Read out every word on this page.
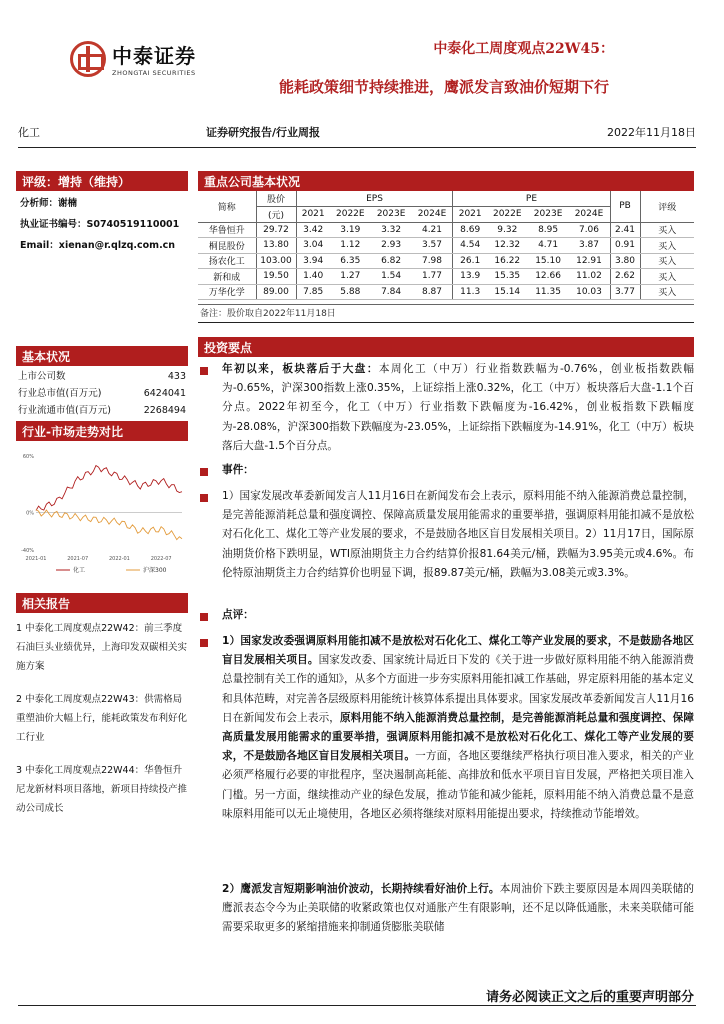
中泰证券
ZHONGTAI SECURITIES
中泰化工周度观点22W45：
能耗政策细节持续推进，鹰派发言致油价短期下行
化工	证券研究报告/行业周报	2022年11月18日
评级：增持（维持）
分析师：谢楠
执业证书编号：S0740519110001
Email：xienan@r.qlzq.com.cn
重点公司基本状况
简称	股价	EPS				PE				PB	评级
	(元)	2021	2022E	2023E	2024E	2021	2022E	2023E	2024E		
华鲁恒升	29.72	3.42	3.19	3.32	4.21	8.69	9.32	8.95	7.06	2.41	买入
桐昆股份	13.80	3.04	1.12	2.93	3.57	4.54	12.32	4.71	3.87	0.91	买入
扬农化工	103.00	3.94	6.35	6.82	7.98	26.1	16.22	15.10	12.91	3.80	买入
新和成	19.50	1.40	1.27	1.54	1.77	13.9	15.35	12.66	11.02	2.62	买入
万华化学	89.00	7.85	5.88	7.84	8.87	11.3	15.14	11.35	10.03	3.77	买入
备注：股价取自2022年11月18日
基本状况
上市公司数	433
行业总市值(百万元)	6424041
行业流通市值(百万元)	2268494
行业-市场走势对比
2021-01	2021-07	2022-01	2022-07
-40%
0%
60%
化工	沪深300
相关报告
1 中泰化工周度观点22W42：前三季度石油巨头业绩优异，上海印发双碳相关实施方案
2 中泰化工周度观点22W43：供需格局重塑油价大幅上行，能耗政策发布利好化工行业
3 中泰化工周度观点22W44：华鲁恒升尼龙新材料项目落地，新项目持续投产推动公司成长
投资要点
年初以来，板块落后于大盘：本周化工（中万）行业指数跌幅为-0.76%，创业板指数跌幅为-0.65%，沪深300指数上涨0.35%，上证综指上涨0.32%，化工（中万）板块落后大盘-1.1个百分点。2022年初至今，化工（中万）行业指数下跌幅度为-16.42%，创业板指数下跌幅度为-28.08%，沪深300指数下跌幅度为-23.05%，上证综指下跌幅度为-14.91%，化工（中万）板块落后大盘-1.5个百分点。
事件：
1）国家发展改革委新闻发言人11月16日在新闻发布会上表示，原料用能不纳入能源消费总量控制，是完善能源消耗总量和强度调控、保障高质量发展用能需求的重要举措，强调原料用能扣减不是放松对石化化工、煤化工等产业发展的要求，不是鼓励各地区盲目发展相关项目。2）11月17日，国际原油期货价格下跌明显，WTI原油期货主力合约结算价报81.64美元/桶，跌幅为3.95美元或4.6%。布伦特原油期货主力合约结算价也明显下调，报89.87美元/桶，跌幅为3.08美元或3.3%。
点评：
1）国家发改委强调原料用能扣减不是放松对石化化工、煤化工等产业发展的要求，不是鼓励各地区盲目发展相关项目。国家发改委、国家统计局近日下发的《关于进一步做好原料用能不纳入能源消费总量控制有关工作的通知》，从多个方面进一步夯实原料用能扣减工作基础，界定原料用能的基本定义和具体范畴，对完善各层级原料用能统计核算体系提出具体要求。国家发展改革委新闻发言人11月16日在新闻发布会上表示，原料用能不纳入能源消费总量控制，是完善能源消耗总量和强度调控、保障高质量发展用能需求的重要举措，强调原料用能扣减不是放松对石化化工、煤化工等产业发展的要求，不是鼓励各地区盲目发展相关项目。一方面，各地区要继续严格执行项目准入要求，相关的产业必须严格履行必要的审批程序，坚决遏制高耗能、高排放和低水平项目盲目发展，严格把关项目准入门槛。另一方面，继续推动产业的绿色发展，推动节能和减少能耗，原料用能不纳入消费总量不是意味原料用能可以无止境使用，各地区必须将继续对原料用能提出要求，持续推动节能增效。
2）鹰派发言短期影响油价波动，长期持续看好油价上行。本周油价下跌主要原因是本周四美联储的鹰派表态令今为止美联储的收紧政策也仅对通胀产生有限影响，还不足以降低通胀，未来美联储可能需要采取更多的紧缩措施来抑制通货膨胀美联储
请务必阅读正文之后的重要声明部分
